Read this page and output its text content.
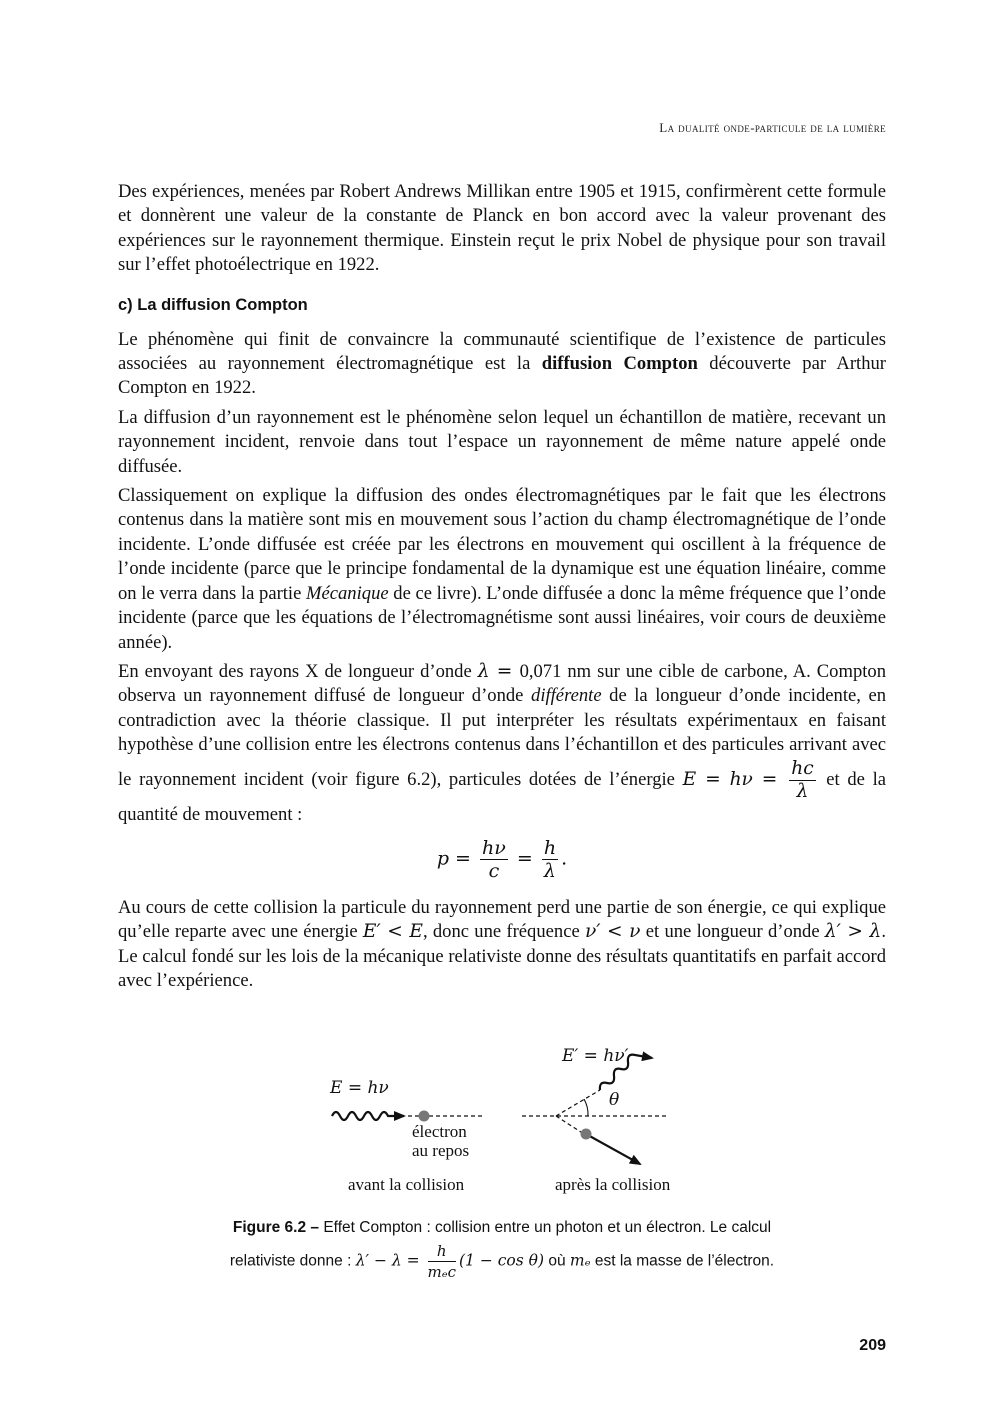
La dualité onde-particule de la lumière

Des expériences, menées par Robert Andrews Millikan entre 1905 et 1915, confirmèrent cette formule et donnèrent une valeur de la constante de Planck en bon accord avec la valeur provenant des expériences sur le rayonnement thermique. Einstein reçut le prix Nobel de physique pour son travail sur l’effet photoélectrique en 1922.

c) La diffusion Compton

Le phénomène qui finit de convaincre la communauté scientifique de l’existence de particules associées au rayonnement électromagnétique est la diffusion Compton découverte par Arthur Compton en 1922.

La diffusion d’un rayonnement est le phénomène selon lequel un échantillon de matière, recevant un rayonnement incident, renvoie dans tout l’espace un rayonnement de même nature appelé onde diffusée.

Classiquement on explique la diffusion des ondes électromagnétiques par le fait que les électrons contenus dans la matière sont mis en mouvement sous l’action du champ électromagnétique de l’onde incidente. L’onde diffusée est créée par les électrons en mouvement qui oscillent à la fréquence de l’onde incidente (parce que le principe fondamental de la dynamique est une équation linéaire, comme on le verra dans la partie Mécanique de ce livre). L’onde diffusée a donc la même fréquence que l’onde incidente (parce que les équations de l’électromagnétisme sont aussi linéaires, voir cours de deuxième année).

En envoyant des rayons X de longueur d’onde λ = 0,071 nm sur une cible de carbone, A. Compton observa un rayonnement diffusé de longueur d’onde différente de la longueur d’onde incidente, en contradiction avec la théorie classique. Il put interpréter les résultats expérimentaux en faisant hypothèse d’une collision entre les électrons contenus dans l’échantillon et des particules arrivant avec le rayonnement incident (voir figure 6.2), particules dotées de l’énergie $E = h\nu = \frac{hc}{\lambda}$ et de la quantité de mouvement :

$p = \frac{h\nu}{c} = \frac{h}{\lambda}$ .

Au cours de cette collision la particule du rayonnement perd une partie de son énergie, ce qui explique qu’elle reparte avec une énergie E′ < E, donc une fréquence ν′ < ν et une longueur d’onde λ′ > λ. Le calcul fondé sur les lois de la mécanique relativiste donne des résultats quantitatifs en parfait accord avec l’expérience.

E = hν
E′ = hν′
θ
électron
au repos
avant la collision	après la collision
Figure 6.2 – Effet Compton : collision entre un photon et un électron. Le calcul
relativiste donne : $\lambda' - \lambda = \frac{h}{\text{mₑc}} (1 - \cos \theta)$ où mₑ est la masse de l’électron.
209
